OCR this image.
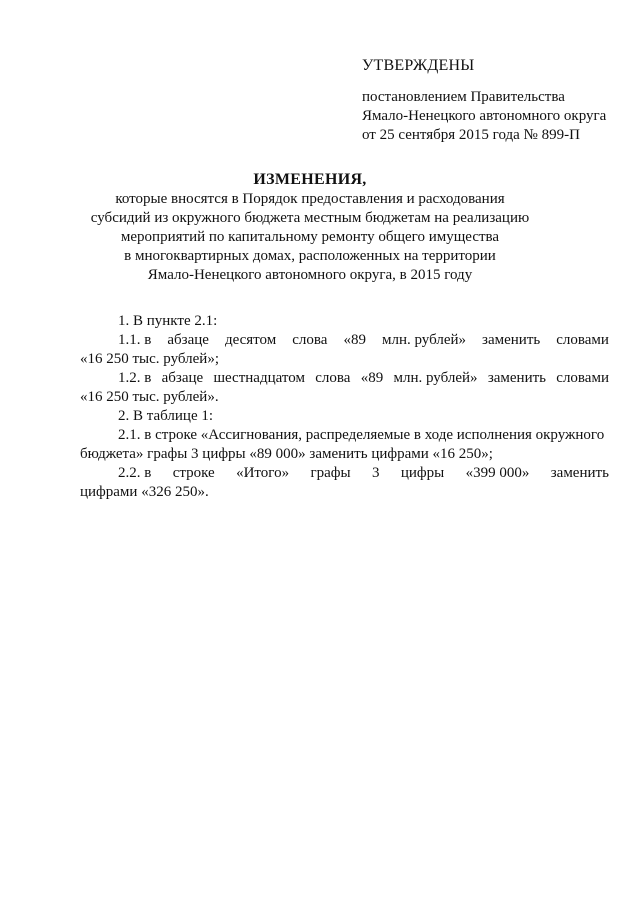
УТВЕРЖДЕНЫ
постановлением Правительства
Ямало-Ненецкого автономного округа
от 25 сентября 2015 года № 899-П
ИЗМЕНЕНИЯ,
которые вносятся в Порядок предоставления и расходования
субсидий из окружного бюджета местным бюджетам на реализацию
мероприятий по капитальному ремонту общего имущества
в многоквартирных домах, расположенных на территории
Ямало-Ненецкого автономного округа, в 2015 году
1. В пункте 2.1:
1.1. в абзаце десятом слова «89 млн. рублей» заменить словами
«16 250 тыс. рублей»;
1.2. в абзаце шестнадцатом слова «89 млн. рублей» заменить словами
«16 250 тыс. рублей».
2. В таблице 1:
2.1. в строке «Ассигнования, распределяемые в ходе исполнения окружного
бюджета» графы 3 цифры «89 000» заменить цифрами «16 250»;
2.2. в строке «Итого» графы 3 цифры «399 000» заменить
цифрами «326 250».
